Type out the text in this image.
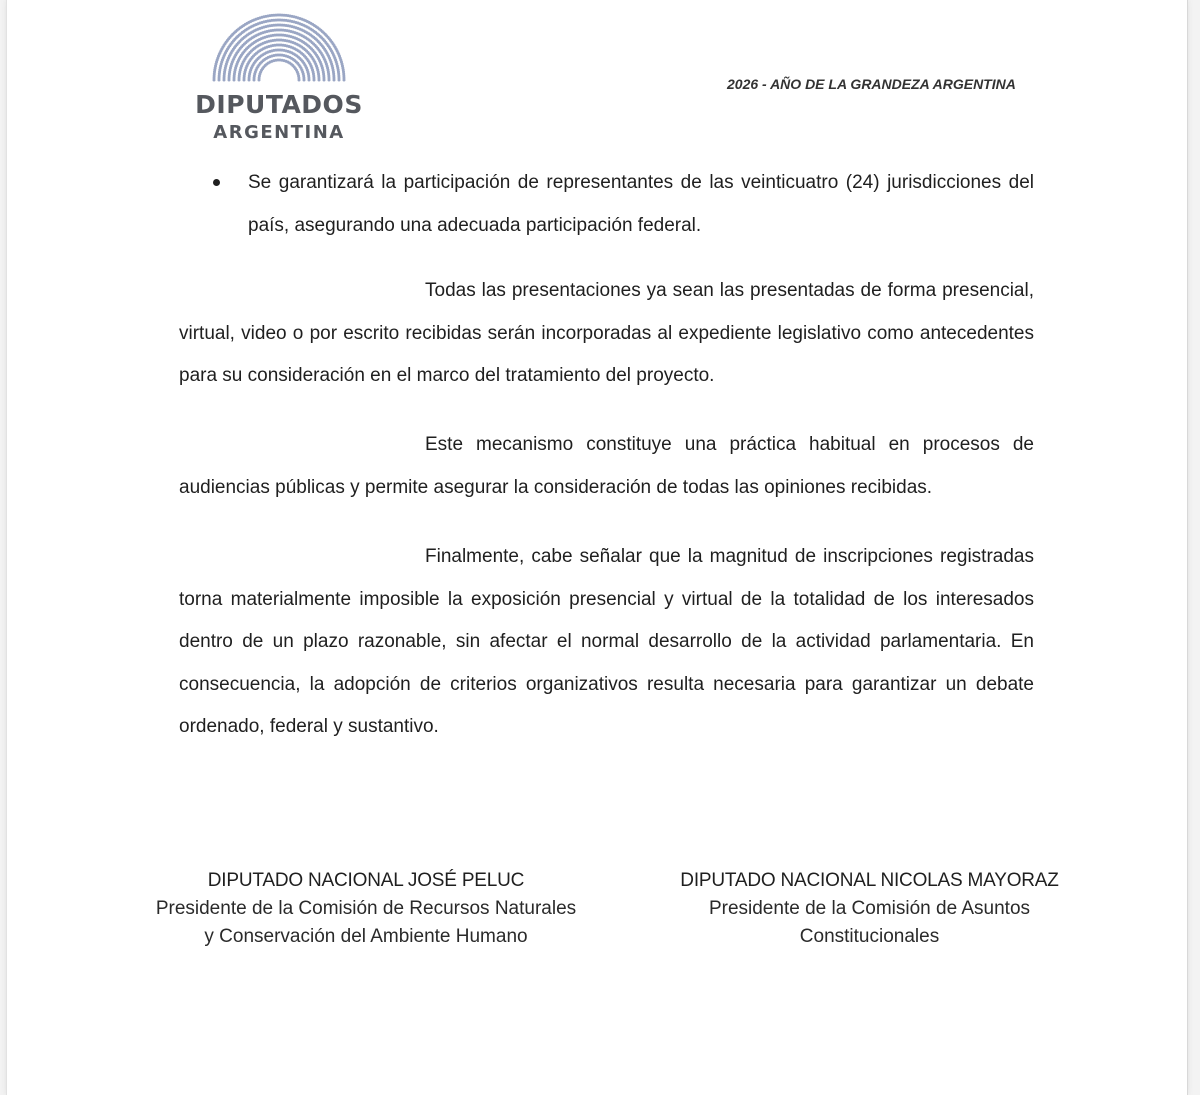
DIPUTADOS
ARGENTINA
2026 - AÑO DE LA GRANDEZA ARGENTINA
Se garantizará la participación de representantes de las veinticuatro (24) jurisdicciones del país, asegurando una adecuada participación federal.
Todas las presentaciones ya sean las presentadas de forma presencial, virtual, video o por escrito recibidas serán incorporadas al expediente legislativo como antecedentes para su consideración en el marco del tratamiento del proyecto.
Este mecanismo constituye una práctica habitual en procesos de audiencias públicas y permite asegurar la consideración de todas las opiniones recibidas.
Finalmente, cabe señalar que la magnitud de inscripciones registradas torna materialmente imposible la exposición presencial y virtual de la totalidad de los interesados dentro de un plazo razonable, sin afectar el normal desarrollo de la actividad parlamentaria. En consecuencia, la adopción de criterios organizativos resulta necesaria para garantizar un debate ordenado, federal y sustantivo.
DIPUTADO NACIONAL JOSÉ PELUC
Presidente de la Comisión de Recursos Naturales
y Conservación del Ambiente Humano
DIPUTADO NACIONAL NICOLAS MAYORAZ
Presidente de la Comisión de Asuntos
Constitucionales
